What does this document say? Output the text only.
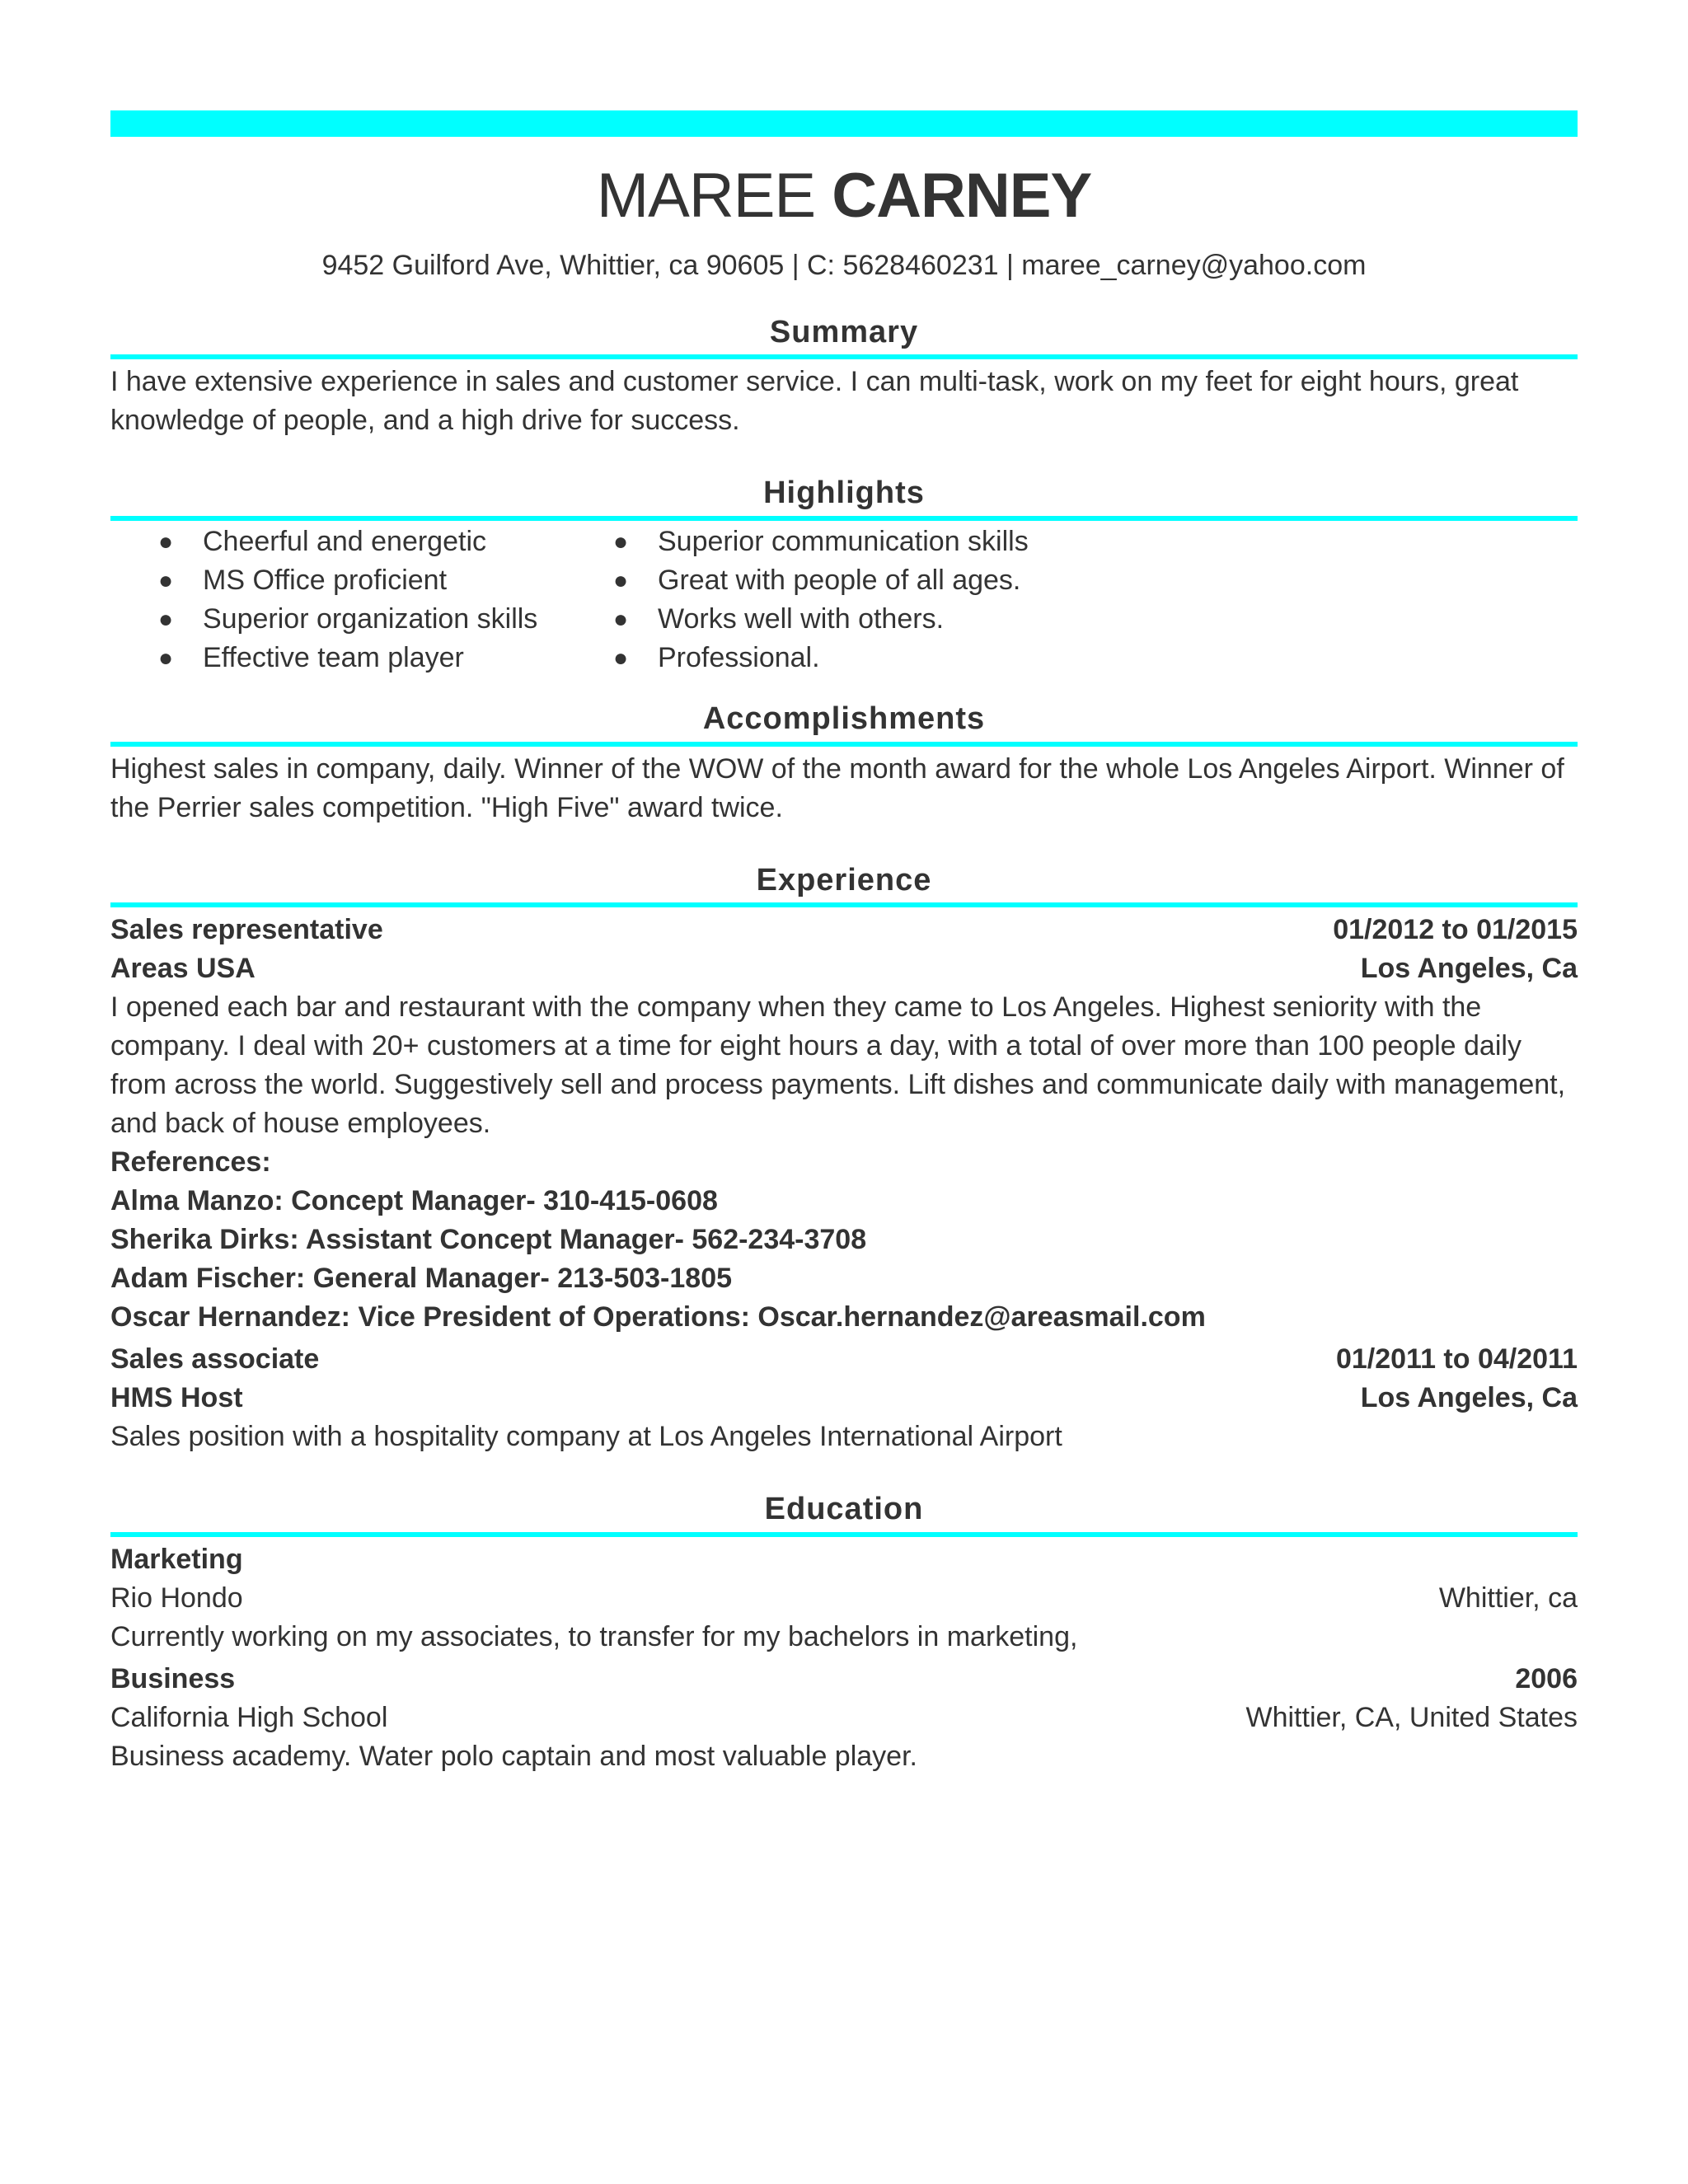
MAREE CARNEY
9452 Guilford Ave, Whittier, ca 90605 | C: 5628460231 | maree_carney@yahoo.com
Summary
I have extensive experience in sales and customer service. I can multi-task, work on my feet for eight hours, great knowledge of people, and a high drive for success.
Highlights
●	Cheerful and energetic
●	MS Office proficient
●	Superior organization skills
●	Effective team player
●	Superior communication skills
●	Great with people of all ages.
●	Works well with others.
●	Professional.
Accomplishments
Highest sales in company, daily. Winner of the WOW of the month award for the whole Los Angeles Airport. Winner of the Perrier sales competition. "High Five" award twice.
Experience
Sales representative	01/2012 to 01/2015
Areas USA	Los Angeles, Ca
I opened each bar and restaurant with the company when they came to Los Angeles. Highest seniority with the company. I deal with 20+ customers at a time for eight hours a day, with a total of over more than 100 people daily from across the world. Suggestively sell and process payments. Lift dishes and communicate daily with management, and back of house employees.
References:
Alma Manzo: Concept Manager- 310-415-0608
Sherika Dirks: Assistant Concept Manager- 562-234-3708
Adam Fischer: General Manager- 213-503-1805
Oscar Hernandez: Vice President of Operations: Oscar.hernandez@areasmail.com
Sales associate	01/2011 to 04/2011
HMS Host	Los Angeles, Ca
Sales position with a hospitality company at Los Angeles International Airport
Education
Marketing
Rio Hondo	Whittier, ca
Currently working on my associates, to transfer for my bachelors in marketing,
Business	2006
California High School	Whittier, CA, United States
Business academy. Water polo captain and most valuable player.
